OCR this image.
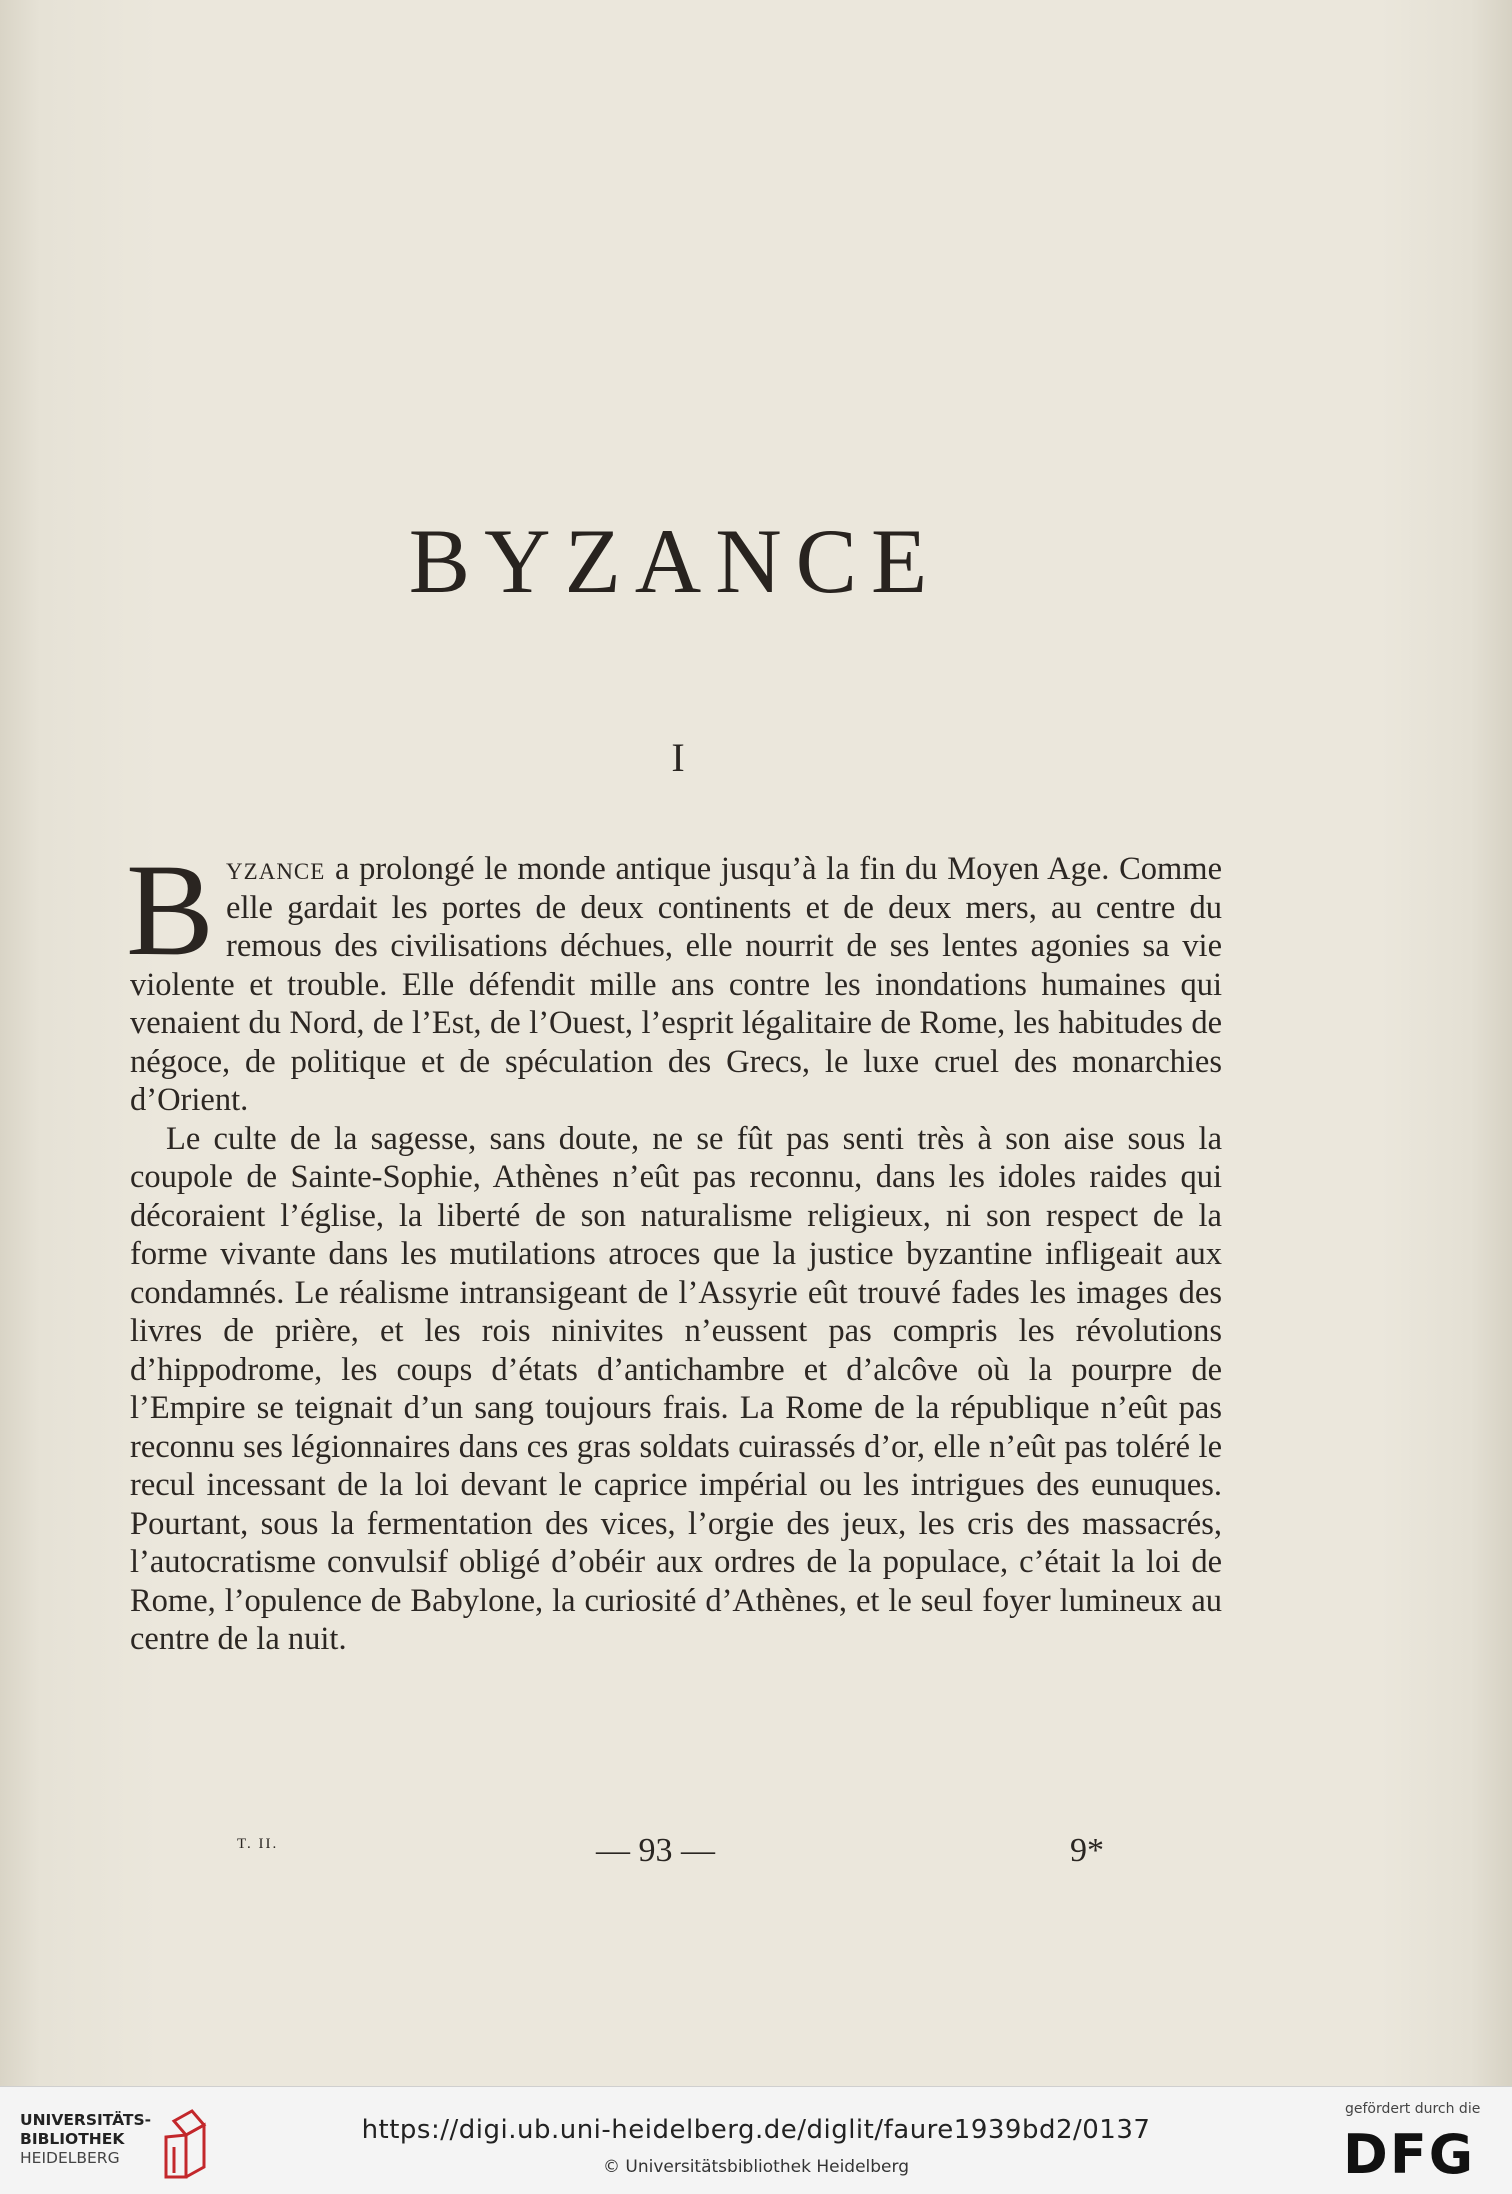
BYZANCE
I

Byzance a prolongé le monde antique jusqu’à la fin du Moyen Age. Comme elle gardait les portes de deux continents et de deux mers, au centre du remous des civilisations déchues, elle nourrit de ses lentes agonies sa vie violente et trouble. Elle défendit mille ans contre les inondations humaines qui venaient du Nord, de l’Est, de l’Ouest, l’esprit légalitaire de Rome, les habitudes de négoce, de politique et de spéculation des Grecs, le luxe cruel des monarchies d’Orient.

Le culte de la sagesse, sans doute, ne se fût pas senti très à son aise sous la coupole de Sainte-Sophie, Athènes n’eût pas reconnu, dans les idoles raides qui décoraient l’église, la liberté de son naturalisme religieux, ni son respect de la forme vivante dans les mutilations atroces que la justice byzantine infligeait aux condamnés. Le réalisme intransigeant de l’Assyrie eût trouvé fades les images des livres de prière, et les rois ninivites n’eussent pas compris les révolutions d’hippodrome, les coups d’états d’antichambre et d’alcôve où la pourpre de l’Empire se teignait d’un sang toujours frais. La Rome de la république n’eût pas reconnu ses légionnaires dans ces gras soldats cuirassés d’or, elle n’eût pas toléré le recul incessant de la loi devant le caprice impérial ou les intrigues des eunuques. Pourtant, sous la fermentation des vices, l’orgie des jeux, les cris des massacrés, l’autocratisme convulsif obligé d’obéir aux ordres de la populace, c’était la loi de Rome, l’opulence de Babylone, la curiosité d’Athènes, et le seul foyer lumineux au centre de la nuit.

T. II.	— 93 —	9*
UNIVERSITÄTS-
BIBLIOTHEK
HEIDELBERG
https://digi.ub.uni-heidelberg.de/diglit/faure1939bd2/0137
© Universitätsbibliothek Heidelberg
gefördert durch die
DFG
